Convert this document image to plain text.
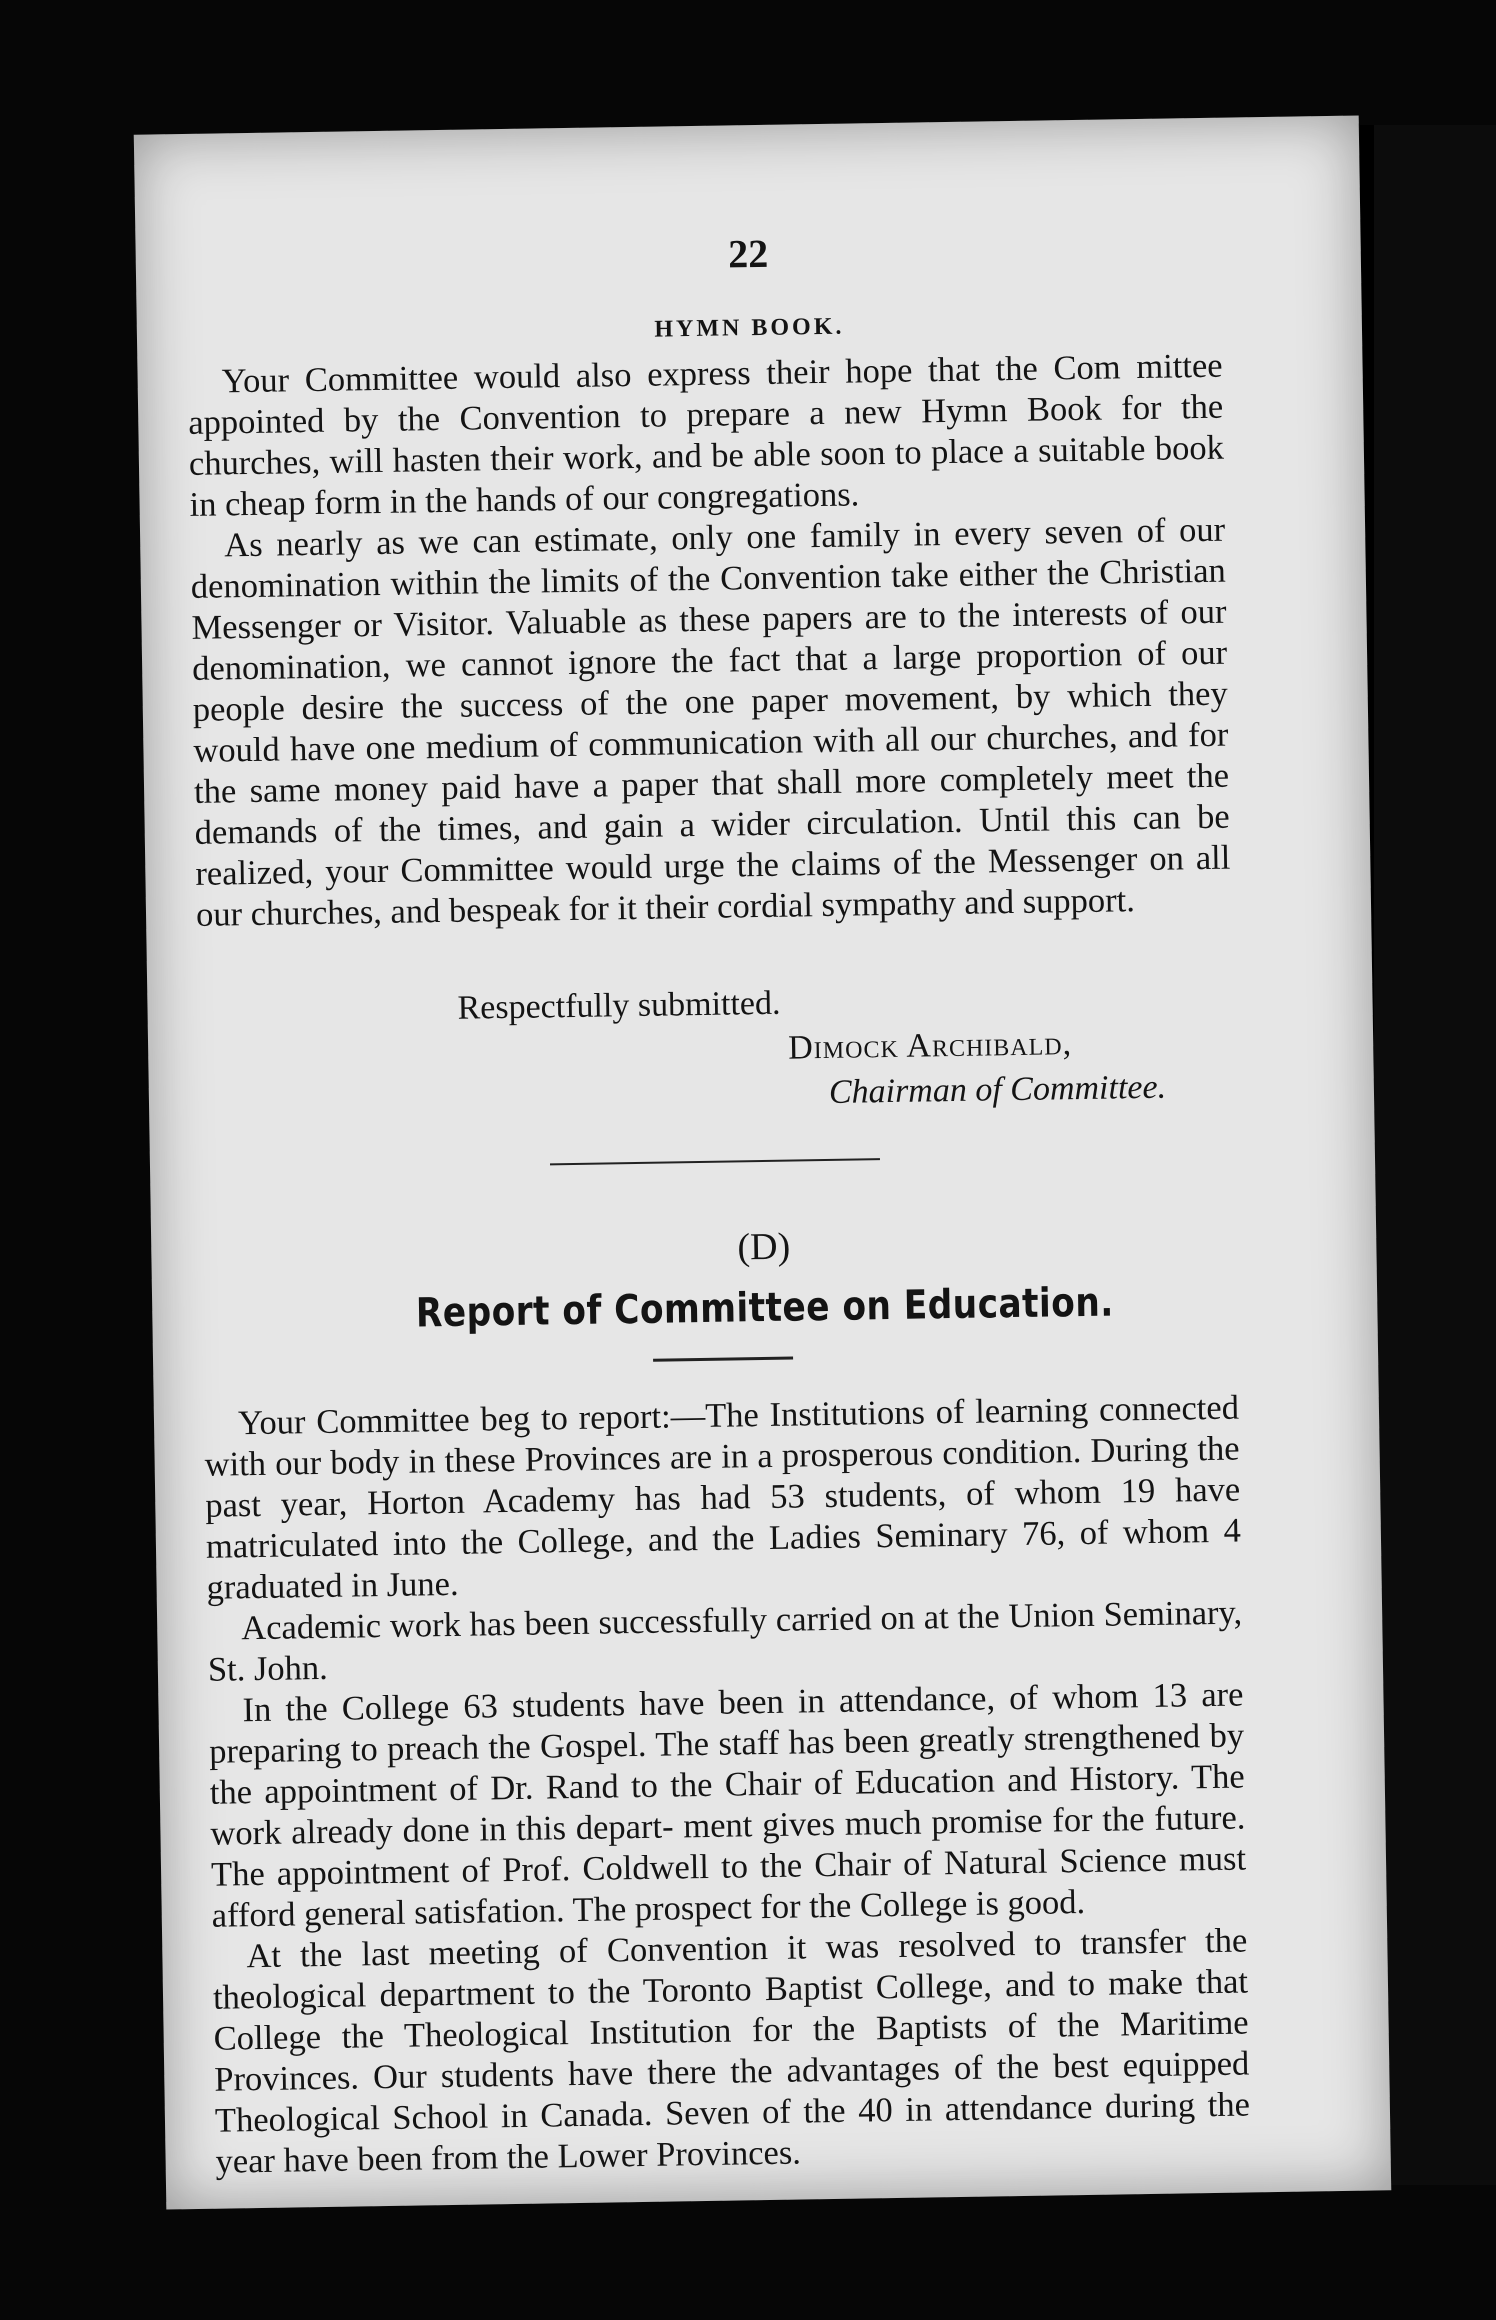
22
HYMN BOOK.

Your Committee would also express their hope that the Com mittee appointed by the Convention to prepare a new Hymn Book for the churches, will hasten their work, and be able soon to place a suitable book in cheap form in the hands of our congregations.

As nearly as we can estimate, only one family in every seven of our denomination within the limits of the Convention take either the Christian Messenger or Visitor. Valuable as these papers are to the interests of our denomination, we cannot ignore the fact that a large proportion of our people desire the success of the one paper movement, by which they would have one medium of communication with all our churches, and for the same money paid have a paper that shall more completely meet the demands of the times, and gain a wider circulation. Until this can be realized, your Committee would urge the claims of the Messenger on all our churches, and bespeak for it their cordial sympathy and support.

Respectfully submitted.
Dimock Archibald,
Chairman of Committee.
(D)
Report of Committee on Education.

Your Committee beg to report:—The Institutions of learning connected with our body in these Provinces are in a prosperous condition. During the past year, Horton Academy has had 53 students, of whom 19 have matriculated into the College, and the Ladies Seminary 76, of whom 4 graduated in June.

Academic work has been successfully carried on at the Union Seminary, St. John.

In the College 63 students have been in attendance, of whom 13 are preparing to preach the Gospel. The staff has been greatly strengthened by the appointment of Dr. Rand to the Chair of Education and History. The work already done in this depart- ment gives much promise for the future. The appointment of Prof. Coldwell to the Chair of Natural Science must afford general satisfation. The prospect for the College is good.

At the last meeting of Convention it was resolved to transfer the theological department to the Toronto Baptist College, and to make that College the Theological Institution for the Baptists of the Maritime Provinces. Our students have there the advantages of the best equipped Theological School in Canada. Seven of the 40 in attendance during the year have been from the Lower Provinces.
